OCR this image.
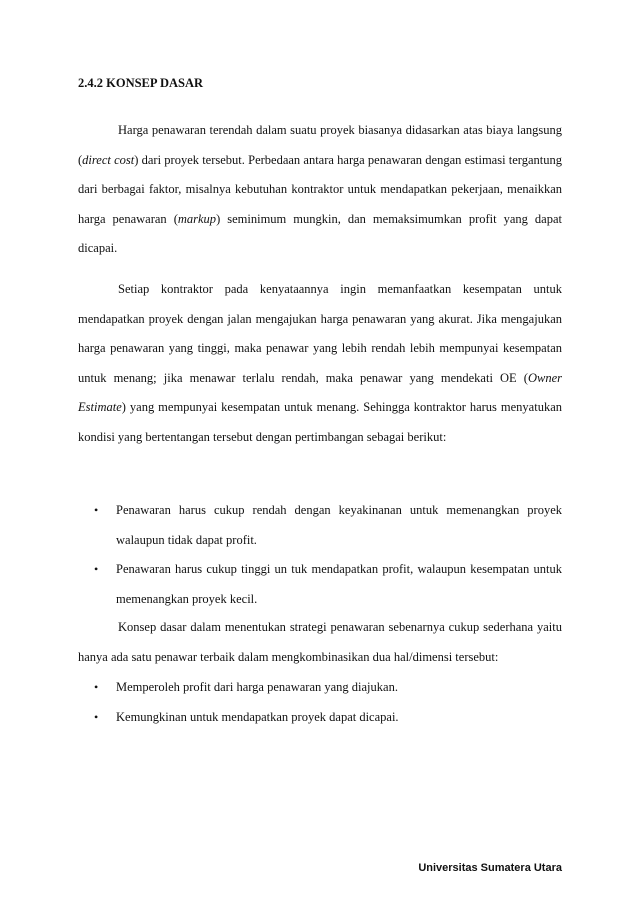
2.4.2 KONSEP DASAR

Harga penawaran terendah dalam suatu proyek biasanya didasarkan atas biaya langsung (direct cost) dari proyek tersebut. Perbedaan antara harga penawaran dengan estimasi tergantung dari berbagai faktor, misalnya kebutuhan kontraktor untuk mendapatkan pekerjaan, menaikkan harga penawaran (markup) seminimum mungkin, dan memaksimumkan profit yang dapat dicapai.

Setiap kontraktor pada kenyataannya ingin memanfaatkan kesempatan untuk mendapatkan proyek dengan jalan mengajukan harga penawaran yang akurat. Jika mengajukan harga penawaran yang tinggi, maka penawar yang lebih rendah lebih mempunyai kesempatan untuk menang; jika menawar terlalu rendah, maka penawar yang mendekati OE (Owner Estimate) yang mempunyai kesempatan untuk menang. Sehingga kontraktor harus menyatukan kondisi yang bertentangan tersebut dengan pertimbangan sebagai berikut:

• Penawaran harus cukup rendah dengan keyakinanan untuk memenangkan proyek walaupun tidak dapat profit.
• Penawaran harus cukup tinggi un tuk mendapatkan profit, walaupun kesempatan untuk memenangkan proyek kecil.

Konsep dasar dalam menentukan strategi penawaran sebenarnya cukup sederhana yaitu hanya ada satu penawar terbaik dalam mengkombinasikan dua hal/dimensi tersebut:

• Memperoleh profit dari harga penawaran yang diajukan.
• Kemungkinan untuk mendapatkan proyek dapat dicapai.
Universitas Sumatera Utara
